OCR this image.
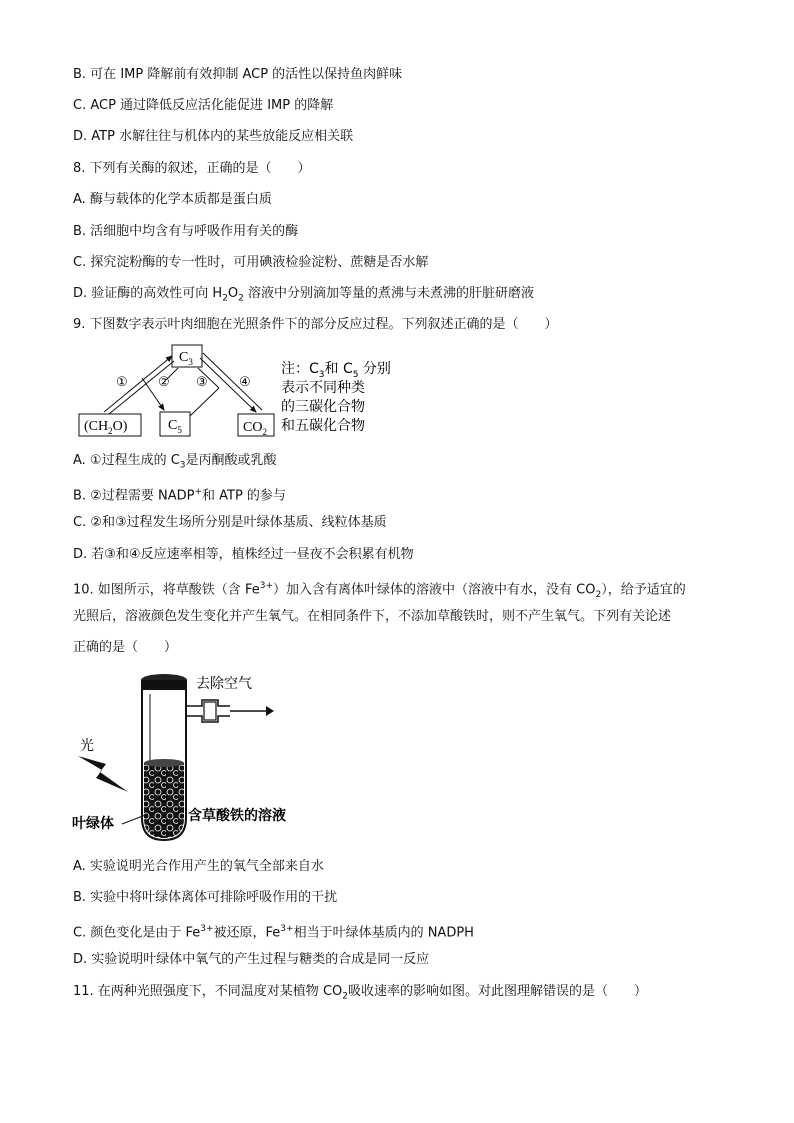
B. 可在 IMP 降解前有效抑制 ACP 的活性以保持鱼肉鲜味
C. ACP 通过降低反应活化能促进 IMP 的降解
D. ATP 水解往往与机体内的某些放能反应相关联
8. 下列有关酶的叙述，正确的是（　　）
A. 酶与载体的化学本质都是蛋白质
B. 活细胞中均含有与呼吸作用有关的酶
C. 探究淀粉酶的专一性时，可用碘液检验淀粉、蔗糖是否水解
D. 验证酶的高效性可向 $H_2O_2$ 溶液中分别滴加等量的煮沸与未煮沸的肝脏研磨液
9. 下图数字表示叶肉细胞在光照条件下的部分反应过程。下列叙述正确的是（　　）
$C_3$
$(CH_2O)$	$C_5$	$CO_2$
① ② ③ ④
注：$C_3$和 $C_5$ 分别
表示不同种类
的三碳化合物
和五碳化合物
A. ①过程生成的 $C_3$是丙酮酸或乳酸
B. ②过程需要 NADP+和 ATP 的参与
C. ②和③过程发生场所分别是叶绿体基质、线粒体基质
D. 若③和④反应速率相等，植株经过一昼夜不会积累有机物
10. 如图所示，将草酸铁（含 $Fe^{3+}$）加入含有离体叶绿体的溶液中（溶液中有水，没有 $CO_2$），给予适宜的
光照后，溶液颜色发生变化并产生氧气。在相同条件下，不添加草酸铁时，则不产生氧气。下列有关论述
正确的是（　　）
去除空气
光
叶绿体	含草酸铁的溶液
A. 实验说明光合作用产生的氧气全部来自水
B. 实验中将叶绿体离体可排除呼吸作用的干扰
C. 颜色变化是由于 $Fe^{3+}$被还原，$Fe^{3+}$相当于叶绿体基质内的 NADPH
D. 实验说明叶绿体中氧气的产生过程与糖类的合成是同一反应
11. 在两种光照强度下，不同温度对某植物 $CO_2$吸收速率的影响如图。对此图理解错误的是（　　）
